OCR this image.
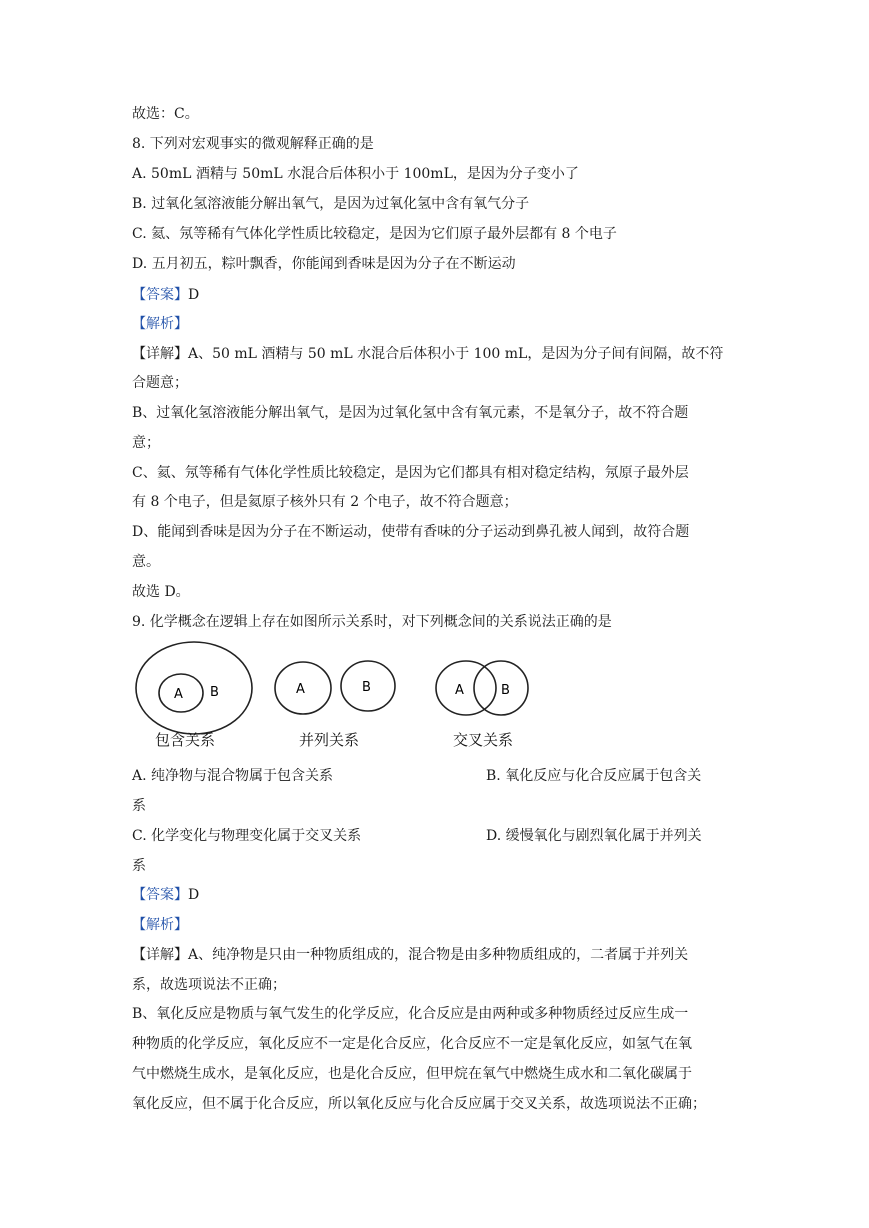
故选：C。
8. 下列对宏观事实的微观解释正确的是
A. 50mL 酒精与 50mL 水混合后体积小于 100mL，是因为分子变小了
B. 过氧化氢溶液能分解出氧气，是因为过氧化氢中含有氧气分子
C. 氦、氖等稀有气体化学性质比较稳定，是因为它们原子最外层都有 8 个电子
D. 五月初五，粽叶飘香，你能闻到香味是因为分子在不断运动
【答案】D
【解析】
【详解】A、50 mL 酒精与 50 mL 水混合后体积小于 100 mL，是因为分子间有间隔，故不符
合题意；
B、过氧化氢溶液能分解出氧气，是因为过氧化氢中含有氧元素，不是氧分子，故不符合题
意；
C、氦、氖等稀有气体化学性质比较稳定，是因为它们都具有相对稳定结构，氖原子最外层
有 8 个电子，但是氦原子核外只有 2 个电子，故不符合题意；
D、能闻到香味是因为分子在不断运动，使带有香味的分子运动到鼻孔被人闻到，故符合题
意。
故选 D。
9. 化学概念在逻辑上存在如图所示关系时，对下列概念间的关系说法正确的是
A B	A	B	A	B
包含关系	并列关系	交叉关系
A. 纯净物与混合物属于包含关系	B. 氧化反应与化合反应属于包含关
系
C. 化学变化与物理变化属于交叉关系	D. 缓慢氧化与剧烈氧化属于并列关
系
【答案】D
【解析】
【详解】A、纯净物是只由一种物质组成的，混合物是由多种物质组成的，二者属于并列关
系，故选项说法不正确；
B、氧化反应是物质与氧气发生的化学反应，化合反应是由两种或多种物质经过反应生成一
种物质的化学反应，氧化反应不一定是化合反应，化合反应不一定是氧化反应，如氢气在氧
气中燃烧生成水，是氧化反应，也是化合反应，但甲烷在氧气中燃烧生成水和二氧化碳属于
氧化反应，但不属于化合反应，所以氧化反应与化合反应属于交叉关系，故选项说法不正确；
